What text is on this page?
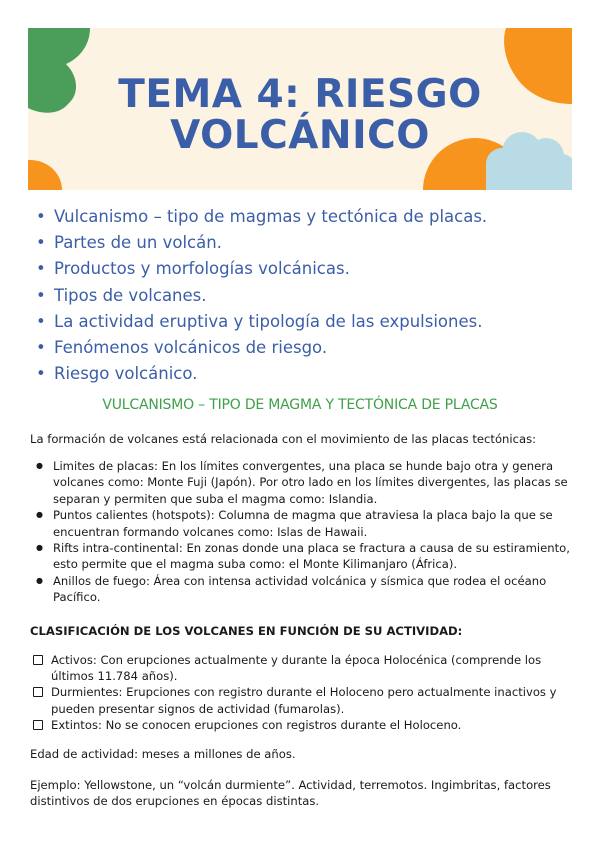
TEMA 4: RIESGO
VOLCÁNICO
• Vulcanismo – tipo de magmas y tectónica de placas.
• Partes de un volcán.
• Productos y morfologías volcánicas.
• Tipos de volcanes.
• La actividad eruptiva y tipología de las expulsiones.
• Fenómenos volcánicos de riesgo.
• Riesgo volcánico.
VULCANISMO – TIPO DE MAGMA Y TECTÓNICA DE PLACAS
La formación de volcanes está relacionada con el movimiento de las placas tectónicas:
● Limites de placas: En los límites convergentes, una placa se hunde bajo otra y genera volcanes como: Monte Fuji (Japón). Por otro lado en los límites divergentes, las placas se separan y permiten que suba el magma como: Islandia.
● Puntos calientes (hotspots): Columna de magma que atraviesa la placa bajo la que se encuentran formando volcanes como: Islas de Hawaii.
● Rifts intra-continental: En zonas donde una placa se fractura a causa de su estiramiento, esto permite que el magma suba como: el Monte Kilimanjaro (África).
● Anillos de fuego: Área con intensa actividad volcánica y sísmica que rodea el océano Pacífico.
CLASIFICACIÓN DE LOS VOLCANES EN FUNCIÓN DE SU ACTIVIDAD:
Activos: Con erupciones actualmente y durante la época Holocénica (comprende los últimos 11.784 años).
Durmientes: Erupciones con registro durante el Holoceno pero actualmente inactivos y pueden presentar signos de actividad (fumarolas).
Extintos: No se conocen erupciones con registros durante el Holoceno.
Edad de actividad: meses a millones de años.
Ejemplo: Yellowstone, un “volcán durmiente”. Actividad, terremotos. Ingimbritas, factores distintivos de dos erupciones en épocas distintas.
